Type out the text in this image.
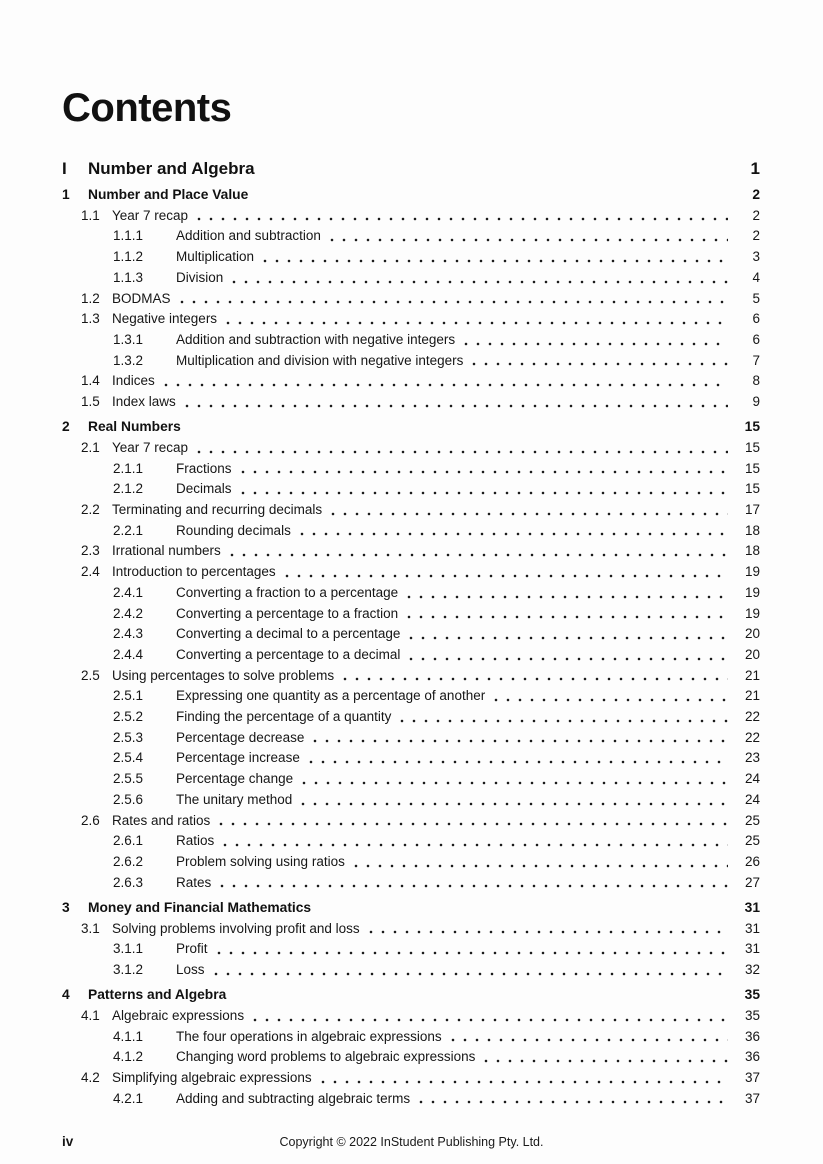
Contents
I	Number and Algebra	1
1	Number and Place Value	2
1.1 Year 7 recap	2
1.1.1	Addition and subtraction	2
1.1.2	Multiplication	3
1.1.3	Division	4
1.2 BODMAS	5
1.3 Negative integers	6
1.3.1	Addition and subtraction with negative integers	6
1.3.2	Multiplication and division with negative integers	7
1.4 Indices	8
1.5 Index laws	9
2	Real Numbers	15
2.1 Year 7 recap	15
2.1.1	Fractions	15
2.1.2	Decimals	15
2.2 Terminating and recurring decimals	17
2.2.1	Rounding decimals	18
2.3 Irrational numbers	18
2.4 Introduction to percentages	19
2.4.1	Converting a fraction to a percentage	19
2.4.2	Converting a percentage to a fraction	19
2.4.3	Converting a decimal to a percentage	20
2.4.4	Converting a percentage to a decimal	20
2.5 Using percentages to solve problems	21
2.5.1	Expressing one quantity as a percentage of another	21
2.5.2	Finding the percentage of a quantity	22
2.5.3	Percentage decrease	22
2.5.4	Percentage increase	23
2.5.5	Percentage change	24
2.5.6	The unitary method	24
2.6 Rates and ratios	25
2.6.1	Ratios	25
2.6.2	Problem solving using ratios	26
2.6.3	Rates	27
3	Money and Financial Mathematics	31
3.1 Solving problems involving profit and loss	31
3.1.1	Profit	31
3.1.2	Loss	32
4	Patterns and Algebra	35
4.1 Algebraic expressions	35
4.1.1	The four operations in algebraic expressions	36
4.1.2	Changing word problems to algebraic expressions	36
4.2 Simplifying algebraic expressions	37
4.2.1	Adding and subtracting algebraic terms	37
iv	Copyright © 2022 InStudent Publishing Pty. Ltd.
